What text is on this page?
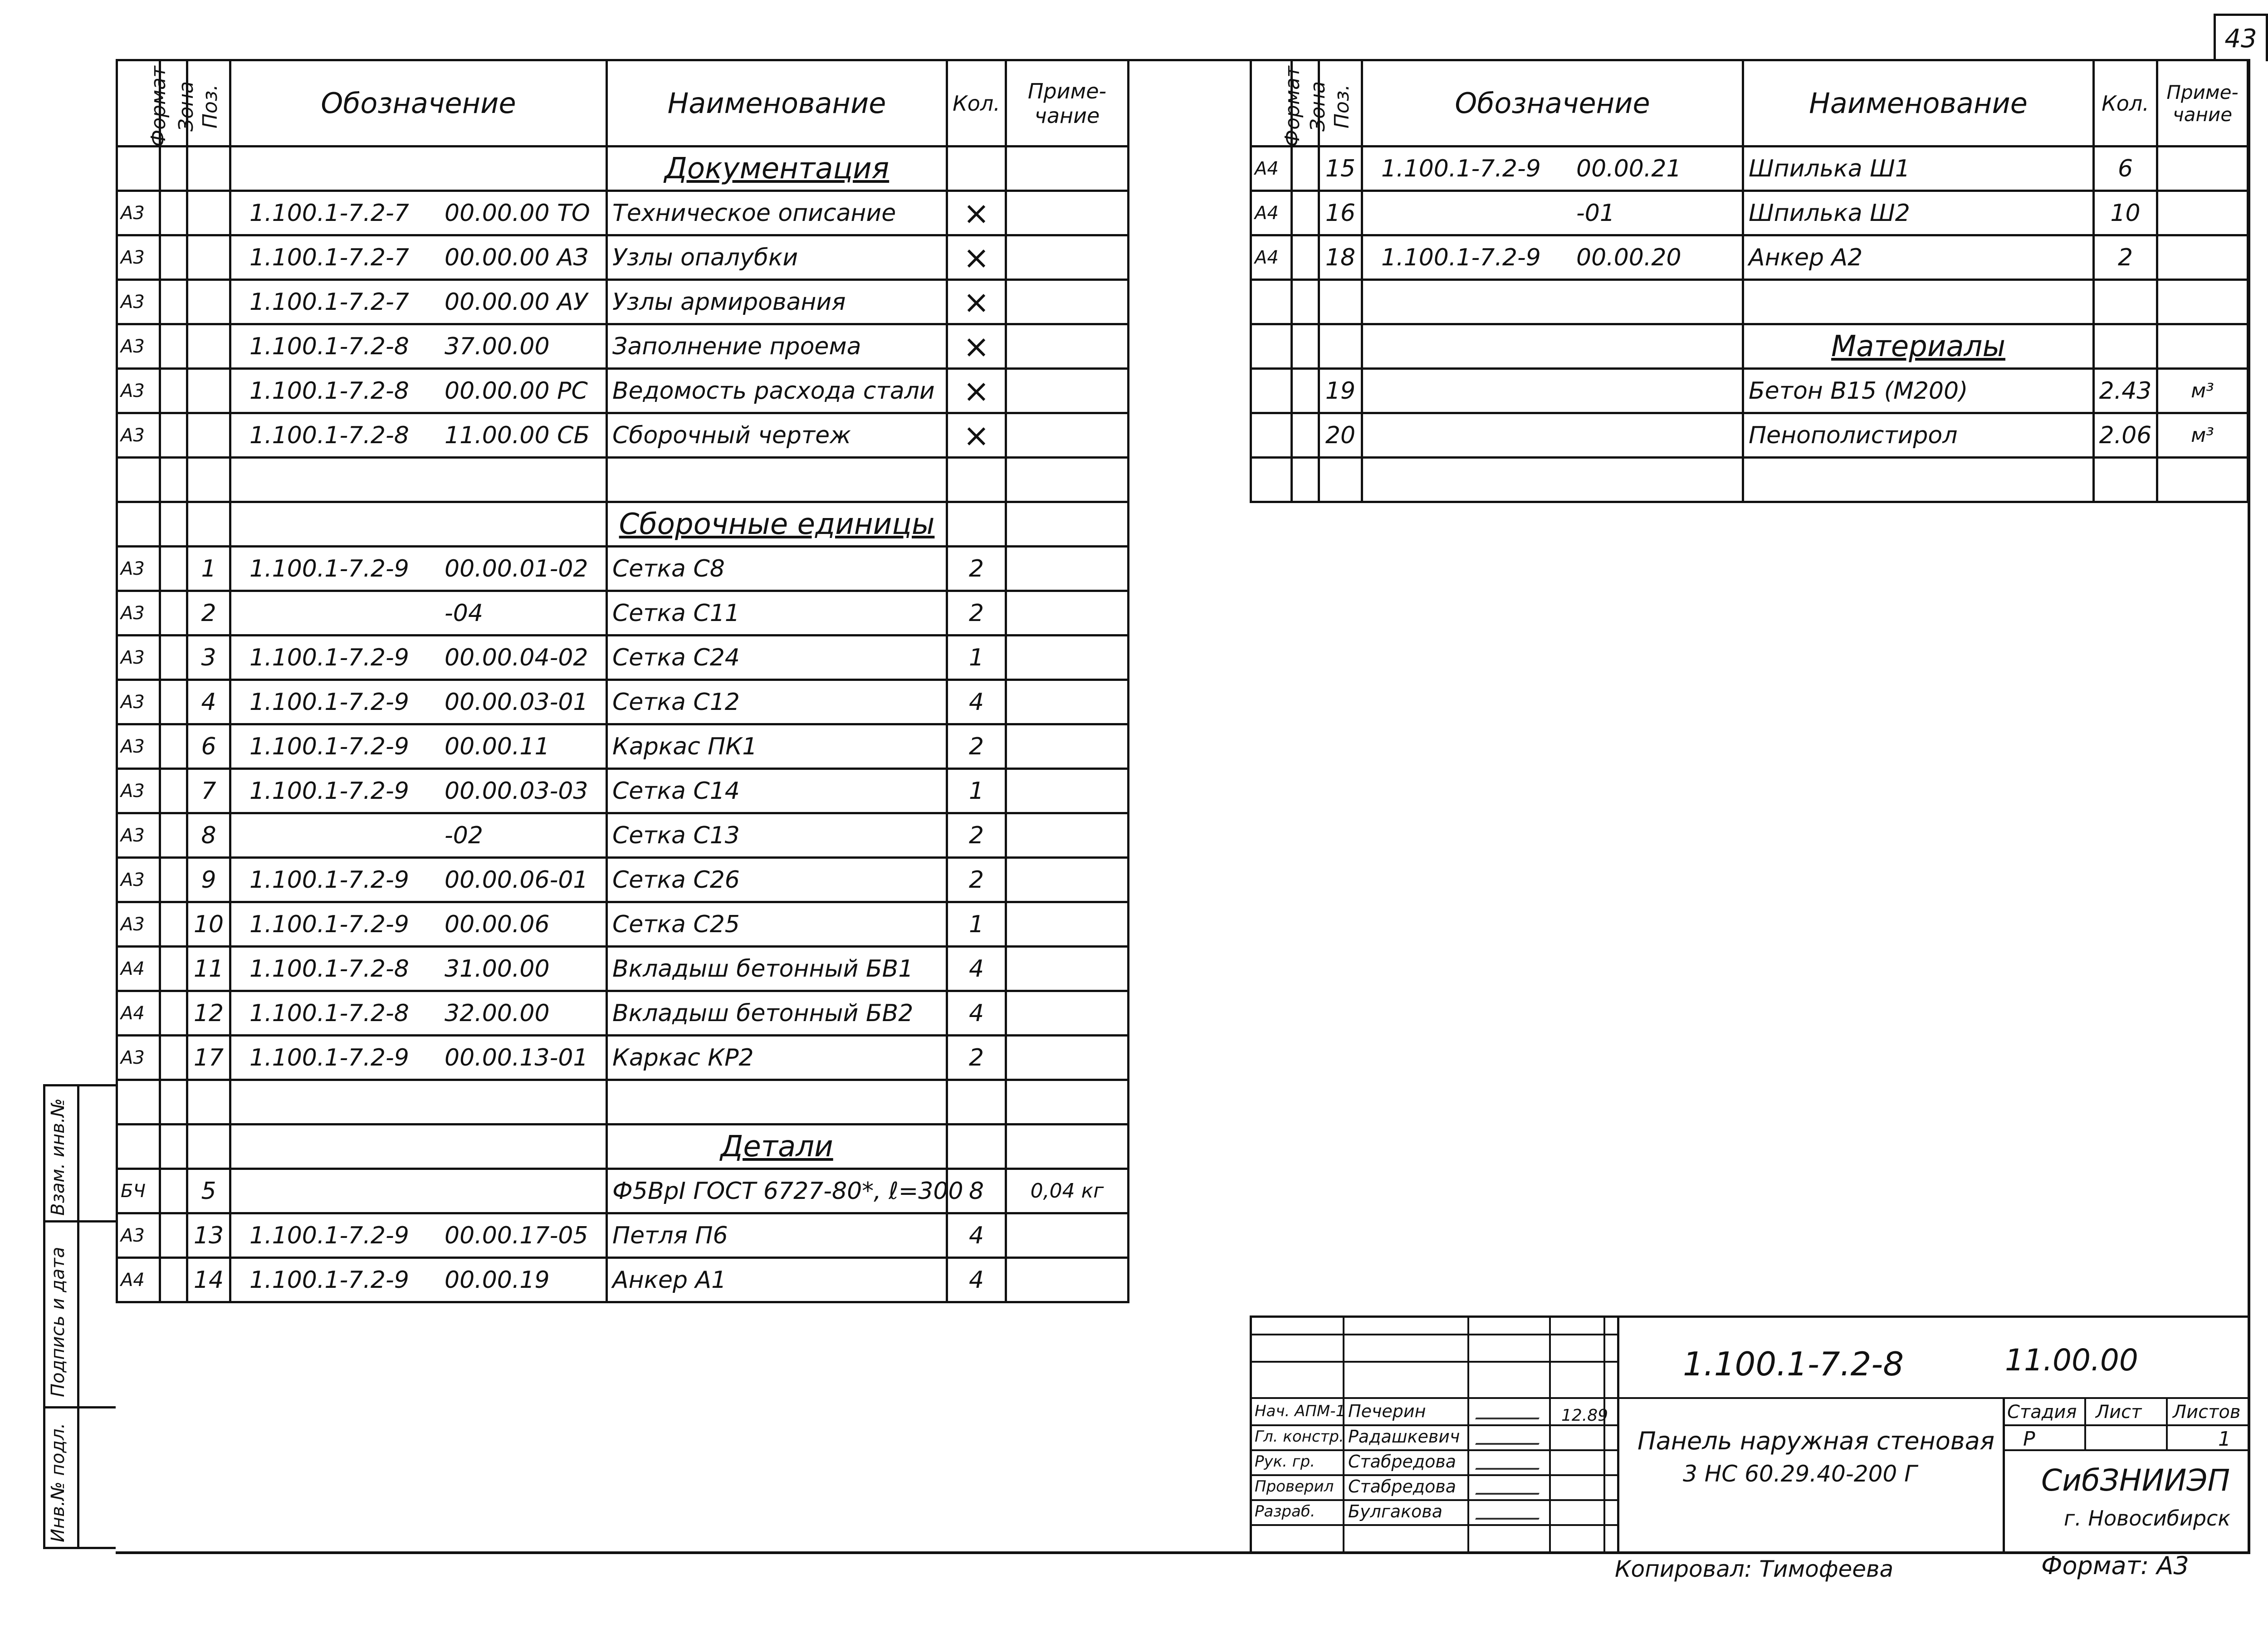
43
Формат	Зона	Поз.	Обозначение	Наименование	Кол.	Приме-чание
				Документация		
А3			1.100.1-7.2-7 00.00.00 ТО	Техническое описание	×	
А3			1.100.1-7.2-7 00.00.00 АЗ	Узлы опалубки	×	
А3			1.100.1-7.2-7 00.00.00 АУ	Узлы армирования	×	
А3			1.100.1-7.2-8 37.00.00	Заполнение проема	×	
А3			1.100.1-7.2-8 00.00.00 РС	Ведомость расхода стали	×	
А3			1.100.1-7.2-8 11.00.00 СБ	Сборочный чертеж	×	

				Сборочные единицы		
А3		1	1.100.1-7.2-9 00.00.01-02	Сетка С8	2	
А3		2	-04	Сетка С11	2	
А3		3	1.100.1-7.2-9 00.00.04-02	Сетка С24	1	
А3		4	1.100.1-7.2-9 00.00.03-01	Сетка С12	4	
А3		6	1.100.1-7.2-9 00.00.11	Каркас ПК1	2	
А3		7	1.100.1-7.2-9 00.00.03-03	Сетка С14	1	
А3		8	-02	Сетка С13	2	
А3		9	1.100.1-7.2-9 00.00.06-01	Сетка С26	2	
А3		10	1.100.1-7.2-9 00.00.06	Сетка С25	1	
А4		11	1.100.1-7.2-8 31.00.00	Вкладыш бетонный БВ1	4	
А4		12	1.100.1-7.2-8 32.00.00	Вкладыш бетонный БВ2	4	
А3		17	1.100.1-7.2-9 00.00.13-01	Каркас КР2	2	

				Детали		
БЧ		5		Ф5ВрI ГОСТ 6727-80*, ℓ=300	8	0,04 кг
А3		13	1.100.1-7.2-9 00.00.17-05	Петля П6	4	
А4		14	1.100.1-7.2-9 00.00.19	Анкер А1	4	
Формат	Зона	Поз.	Обозначение	Наименование	Кол.	Приме-чание
А4		15	1.100.1-7.2-9 00.00.21	Шпилька Ш1	6	
А4		16	-01	Шпилька Ш2	10	
А4		18	1.100.1-7.2-9 00.00.20	Анкер А2	2	

				Материалы		
		19		Бетон В15 (М200)	2.43	м³
		20		Пенополистирол	2.06	м³

Взам. инв.№
Подпись и дата
Инв.№ подл.
1.100.1-7.2-8	11.00.00
Панель наружная стеновая
3 НС 60.29.40-200 Г
Стадия Лист Листов
Р	1
СибЗНИИЭП
г. Новосибирск
12.89
Нач. АПМ-1 Печерин
Гл. констр. Радашкевич
Рук. гр. Стабредова
Проверил Стабредова
Разраб. Булгакова
Копировал: Тимофеева	Формат: А3
